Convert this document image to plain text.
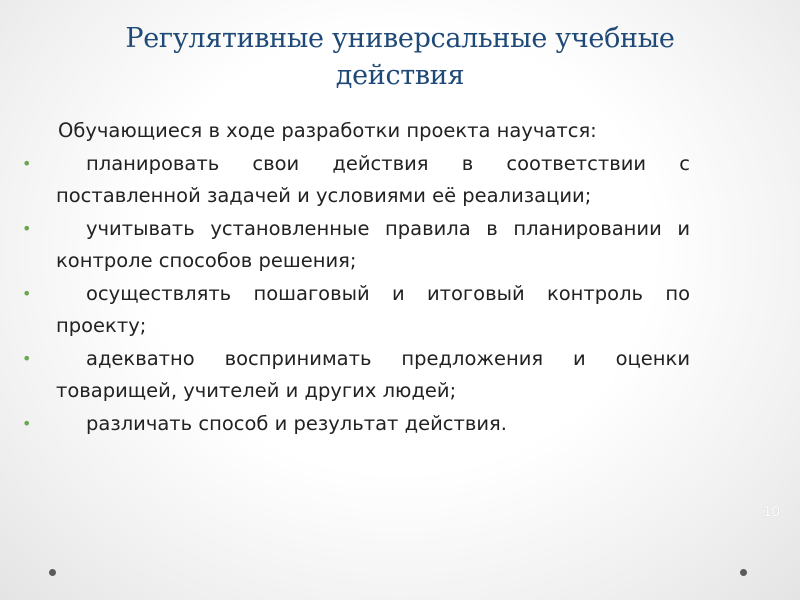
Регулятивные универсальные учебные
действия
Обучающиеся в ходе разработки проекта научатся:
•	планировать свои действия в соответствии с поставленной задачей и условиями её реализации;
•	учитывать установленные правила в планировании и контроле способов решения;
•	осуществлять пошаговый и итоговый контроль по проекту;
•	адекватно воспринимать предложения и оценки товарищей, учителей и других людей;
•	различать способ и результат действия.
10
